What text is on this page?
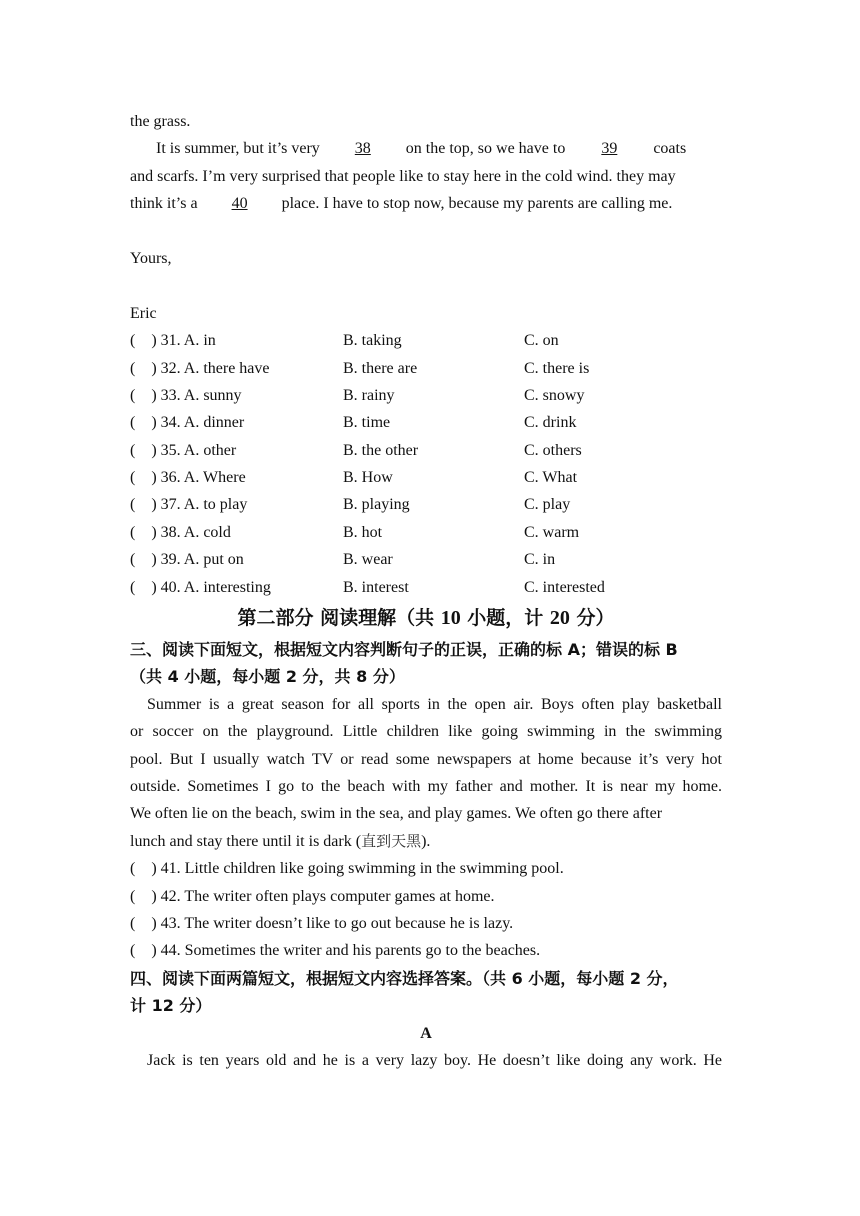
the grass.
It is summer, but it’s very 38 on the top, so we have to 39 coats
and scarfs. I’m very surprised that people like to stay here in the cold wind. they may
think it’s a 40 place. I have to stop now, because my parents are calling me.
Yours,
Eric
( ) 31. A. in	B. taking	C. on
( ) 32. A. there have	B. there are	C. there is
( ) 33. A. sunny	B. rainy	C. snowy
( ) 34. A. dinner	B. time	C. drink
( ) 35. A. other	B. the other	C. others
( ) 36. A. Where	B. How	C. What
( ) 37. A. to play	B. playing	C. play
( ) 38. A. cold	B. hot	C. warm
( ) 39. A. put on	B. wear	C. in
( ) 40. A. interesting	B. interest	C. interested
第二部分 阅读理解（共 10 小题，计 20 分）
三、阅读下面短文，根据短文内容判断句子的正误，正确的标 A；错误的标 B
（共 4 小题，每小题 2 分，共 8 分）
Summer is a great season for all sports in the open air. Boys often play basketball
or soccer on the playground. Little children like going swimming in the swimming
pool. But I usually watch TV or read some newspapers at home because it’s very hot
outside. Sometimes I go to the beach with my father and mother. It is near my home.
We often lie on the beach, swim in the sea, and play games. We often go there after
lunch and stay there until it is dark (直到天黑).
( ) 41. Little children like going swimming in the swimming pool.
( ) 42. The writer often plays computer games at home.
( ) 43. The writer doesn’t like to go out because he is lazy.
( ) 44. Sometimes the writer and his parents go to the beaches.
四、阅读下面两篇短文，根据短文内容选择答案。（共 6 小题，每小题 2 分，
计 12 分）
A
Jack is ten years old and he is a very lazy boy. He doesn’t like doing any work. He
